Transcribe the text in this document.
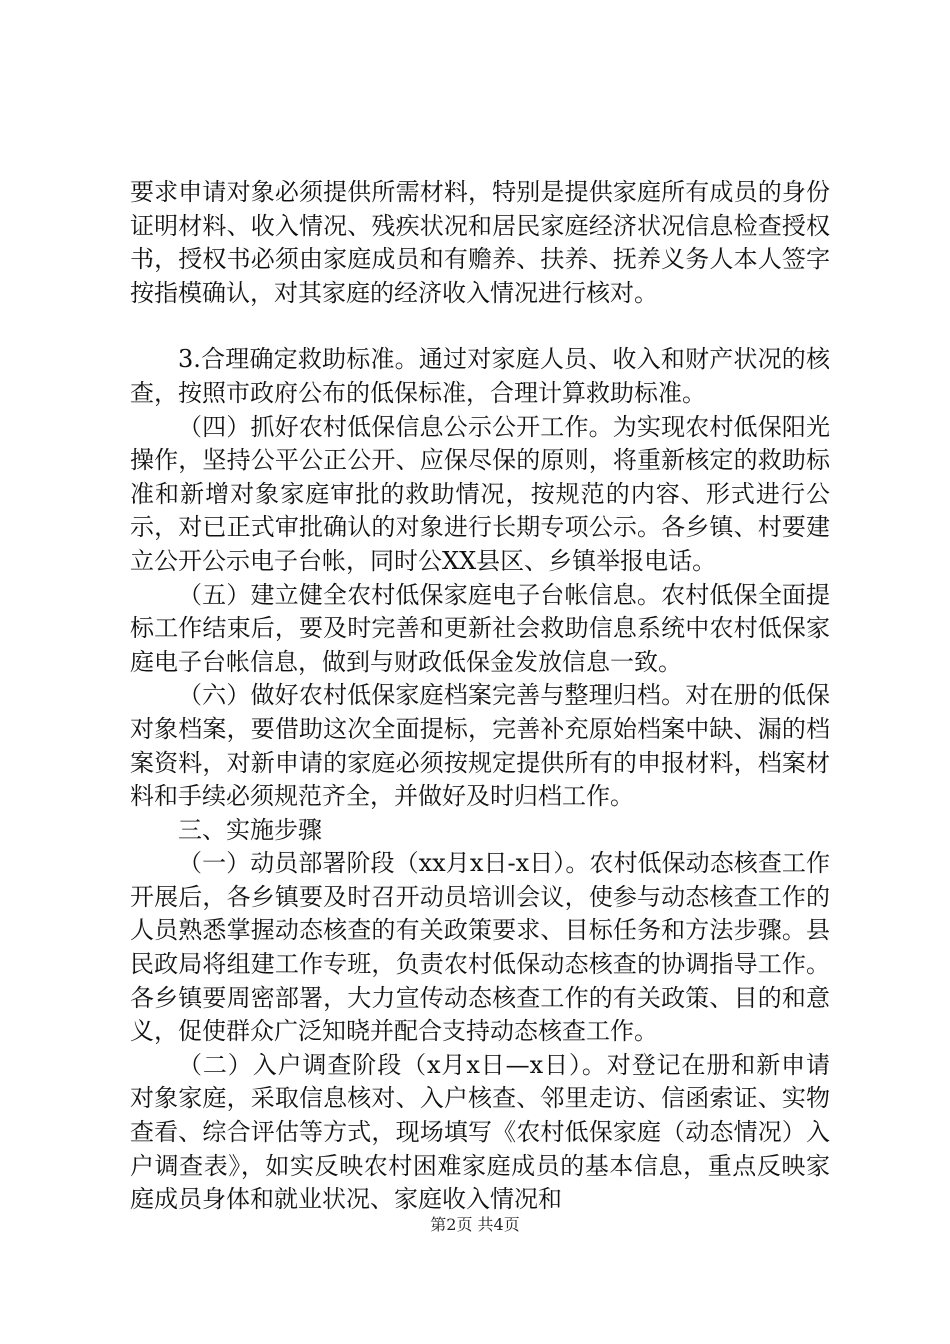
要求申请对象必须提供所需材料，特别是提供家庭所有成员的身份证明材料、收入情况、残疾状况和居民家庭经济状况信息检查授权书，授权书必须由家庭成员和有赡养、扶养、抚养义务人本人签字按指模确认，对其家庭的经济收入情况进行核对。

3.合理确定救助标准。通过对家庭人员、收入和财产状况的核查，按照市政府公布的低保标准，合理计算救助标准。

（四）抓好农村低保信息公示公开工作。为实现农村低保阳光操作，坚持公平公正公开、应保尽保的原则，将重新核定的救助标准和新增对象家庭审批的救助情况，按规范的内容、形式进行公示，对已正式审批确认的对象进行长期专项公示。各乡镇、村要建立公开公示电子台帐，同时公XX县区、乡镇举报电话。

（五）建立健全农村低保家庭电子台帐信息。农村低保全面提标工作结束后，要及时完善和更新社会救助信息系统中农村低保家庭电子台帐信息，做到与财政低保金发放信息一致。

（六）做好农村低保家庭档案完善与整理归档。对在册的低保对象档案，要借助这次全面提标，完善补充原始档案中缺、漏的档案资料，对新申请的家庭必须按规定提供所有的申报材料，档案材料和手续必须规范齐全，并做好及时归档工作。

三、实施步骤

（一）动员部署阶段（xx月x日-x日）。农村低保动态核查工作开展后，各乡镇要及时召开动员培训会议，使参与动态核查工作的人员熟悉掌握动态核查的有关政策要求、目标任务和方法步骤。县民政局将组建工作专班，负责农村低保动态核查的协调指导工作。各乡镇要周密部署，大力宣传动态核查工作的有关政策、目的和意义，促使群众广泛知晓并配合支持动态核查工作。

（二）入户调查阶段（x月x日—x日）。对登记在册和新申请对象家庭，采取信息核对、入户核查、邻里走访、信函索证、实物查看、综合评估等方式，现场填写《农村低保家庭（动态情况）入户调查表》，如实反映农村困难家庭成员的基本信息，重点反映家庭成员身体和就业状况、家庭收入情况和

第2页 共4页
